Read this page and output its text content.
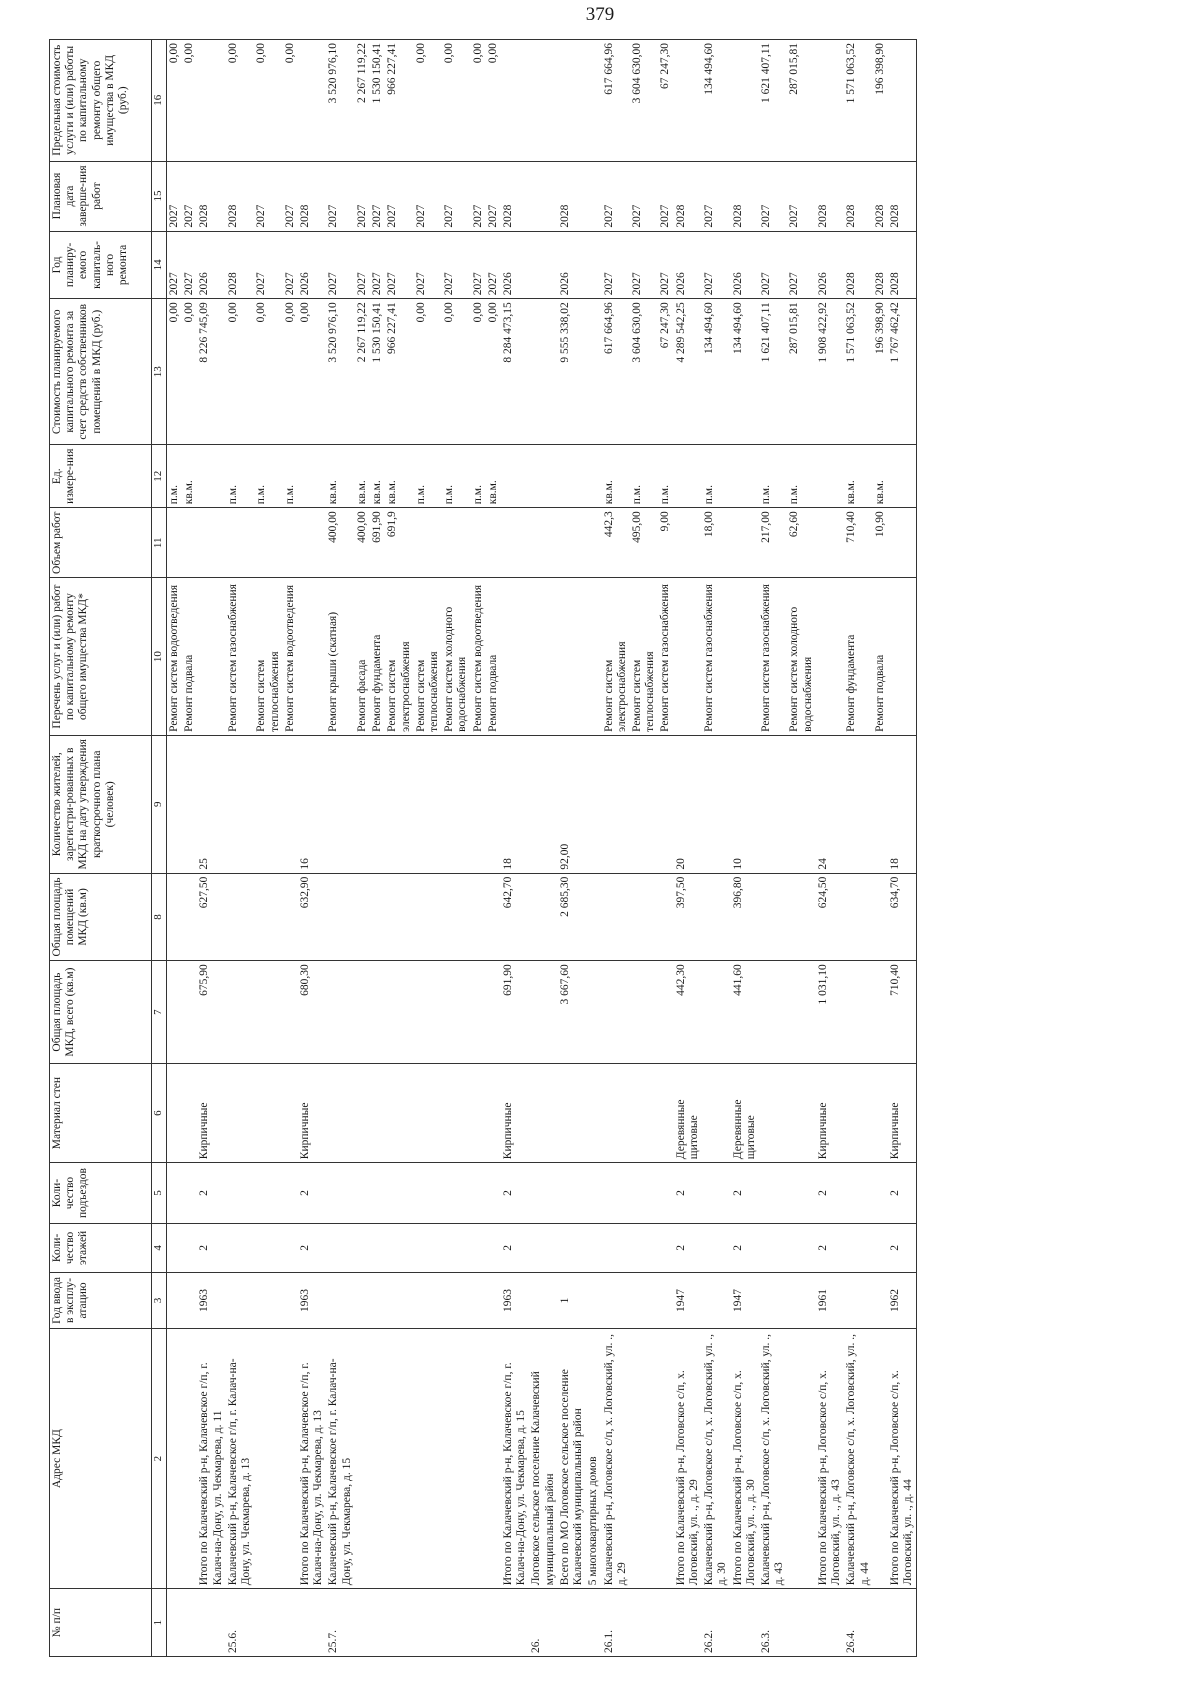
379
№ п/п	Адрес МКД	Год ввода в эксплу-атацию	Коли-чество этажей	Коли-чество подъездов	Материал стен	Общая площадь МКД, всего (кв.м)	Общая площадь помещений МКД (кв.м)	Количество жителей, зарегистри-рованных в МКД на дату утверждения краткосрочного плана (человек)	Перечень услуг и (или) работ по капитальному ремонту общего имущества МКД*	Объем работ	Ед. измере-ния	Стоимость планируемого капитального ремонта за счет средств собственников помещений в МКД (руб.)	Год планиру-емого капиталь-ного ремонта	Плановая дата заверше-ния работ	Предельная стоимость услуги и (или) работы по капитальному ремонту общего имущества в МКД (руб.)
1	2	3	4	5	6	7	8	9	10	11	12	13	14	15	16
									Ремонт систем водоотведения		п.м.	0,00	2027	2027	0,00
									Ремонт подвала		кв.м.	0,00	2027	2027	0,00
	Итого по Калачевский р-н, Калачевское г/п, г. Калач-на-Дону, ул. Чекмарева, д. 11	1963	2	2	Кирпичные	675,90	627,50	25				8 226 745,09	2026	2028	
25.6.	Калачевский р-н, Калачевское г/п, г. Калач-на-Дону, ул. Чекмарева, д. 13								Ремонт систем газоснабжения		п.м.	0,00	2028	2028	0,00
									Ремонт систем теплоснабжения		п.м.	0,00	2027	2027	0,00
									Ремонт систем водоотведения		п.м.	0,00	2027	2027	0,00
	Итого по Калачевский р-н, Калачевское г/п, г. Калач-на-Дону, ул. Чекмарева, д. 13	1963	2	2	Кирпичные	680,30	632,90	16				0,00	2026	2028	
25.7.	Калачевский р-н, Калачевское г/п, г. Калач-на-Дону, ул. Чекмарева, д. 15								Ремонт крыши (скатная)	400,00	кв.м.	3 520 976,10	2027	2027	3 520 976,10
									Ремонт фасада	400,00	кв.м.	2 267 119,22	2027	2027	2 267 119,22
									Ремонт фундамента	691,90	кв.м.	1 530 150,41	2027	2027	1 530 150,41
									Ремонт систем электроснабжения	691,9	кв.м.	966 227,41	2027	2027	966 227,41
									Ремонт систем теплоснабжения		п.м.	0,00	2027	2027	0,00
									Ремонт систем холодного водоснабжения		п.м.	0,00	2027	2027	0,00
									Ремонт систем водоотведения		п.м.	0,00	2027	2027	0,00
									Ремонт подвала		кв.м.	0,00	2027	2027	0,00
	Итого по Калачевский р-н, Калачевское г/п, г. Калач-на-Дону, ул. Чекмарева, д. 15	1963	2	2	Кирпичные	691,90	642,70	18				8 284 473,15	2026	2028	
26.	Логовское сельское поселение Калачевский муниципальный район														
	Всего по МО Логовское сельское поселение Калачевский муниципальный район	1				3 667,60	2 685,30	92,00				9 555 338,02	2026	2028	
	5 многоквартирных домов														
26.1.	Калачевский р-н, Логовское с/п, х. Логовский, ул. ., д. 29								Ремонт систем электроснабжения	442,3	кв.м.	617 664,96	2027	2027	617 664,96
									Ремонт систем теплоснабжения	495,00	п.м.	3 604 630,00	2027	2027	3 604 630,00
									Ремонт систем газоснабжения	9,00	п.м.	67 247,30	2027	2027	67 247,30
	Итого по Калачевский р-н, Логовское с/п, х. Логовский, ул. ., д. 29	1947	2	2	Деревянные щитовые	442,30	397,50	20				4 289 542,25	2026	2028	
26.2.	Калачевский р-н, Логовское с/п, х. Логовский, ул. ., д. 30								Ремонт систем газоснабжения	18,00	п.м.	134 494,60	2027	2027	134 494,60
	Итого по Калачевский р-н, Логовское с/п, х. Логовский, ул. ., д. 30	1947	2	2	Деревянные щитовые	441,60	396,80	10				134 494,60	2026	2028	
26.3.	Калачевский р-н, Логовское с/п, х. Логовский, ул. ., д. 43								Ремонт систем газоснабжения	217,00	п.м.	1 621 407,11	2027	2027	1 621 407,11
									Ремонт систем холодного водоснабжения	62,60	п.м.	287 015,81	2027	2027	287 015,81
	Итого по Калачевский р-н, Логовское с/п, х. Логовский, ул. ., д. 43	1961	2	2	Кирпичные	1 031,10	624,50	24				1 908 422,92	2026	2028	
26.4.	Калачевский р-н, Логовское с/п, х. Логовский, ул. ., д. 44								Ремонт фундамента	710,40	кв.м.	1 571 063,52	2028	2028	1 571 063,52
									Ремонт подвала	10,90	кв.м.	196 398,90	2028	2028	196 398,90
	Итого по Калачевский р-н, Логовское с/п, х. Логовский, ул. ., д. 44	1962	2	2	Кирпичные	710,40	634,70	18				1 767 462,42	2028	2028	
